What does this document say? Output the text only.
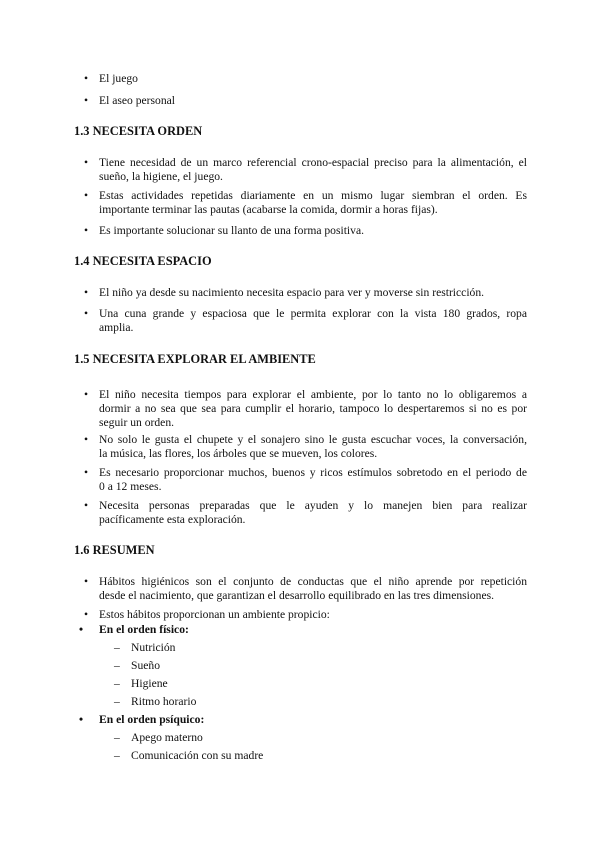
• El juego
• El aseo personal
1.3 NECESITA ORDEN
• Tiene necesidad de un marco referencial crono-espacial preciso para la alimentación, el
sueño, la higiene, el juego.
• Estas actividades repetidas diariamente en un mismo lugar siembran el orden. Es
importante terminar las pautas (acabarse la comida, dormir a horas fijas).
• Es importante solucionar su llanto de una forma positiva.
1.4 NECESITA ESPACIO
• El niño ya desde su nacimiento necesita espacio para ver y moverse sin restricción.
• Una cuna grande y espaciosa que le permita explorar con la vista 180 grados, ropa
amplia.
1.5 NECESITA EXPLORAR EL AMBIENTE
• El niño necesita tiempos para explorar el ambiente, por lo tanto no lo obligaremos a
dormir a no sea que sea para cumplir el horario, tampoco lo despertaremos si no es por
seguir un orden.
• No solo le gusta el chupete y el sonajero sino le gusta escuchar voces, la conversación,
la música, las flores, los árboles que se mueven, los colores.
• Es necesario proporcionar muchos, buenos y ricos estímulos sobretodo en el periodo de
0 a 12 meses.
• Necesita personas preparadas que le ayuden y lo manejen bien para realizar
pacíficamente esta exploración.
1.6 RESUMEN
• Hábitos higiénicos son el conjunto de conductas que el niño aprende por repetición
desde el nacimiento, que garantizan el desarrollo equilibrado en las tres dimensiones.
• Estos hábitos proporcionan un ambiente propicio:
• En el orden físico:
– Nutrición
– Sueño
– Higiene
– Ritmo horario
• En el orden psíquico:
– Apego materno
– Comunicación con su madre
